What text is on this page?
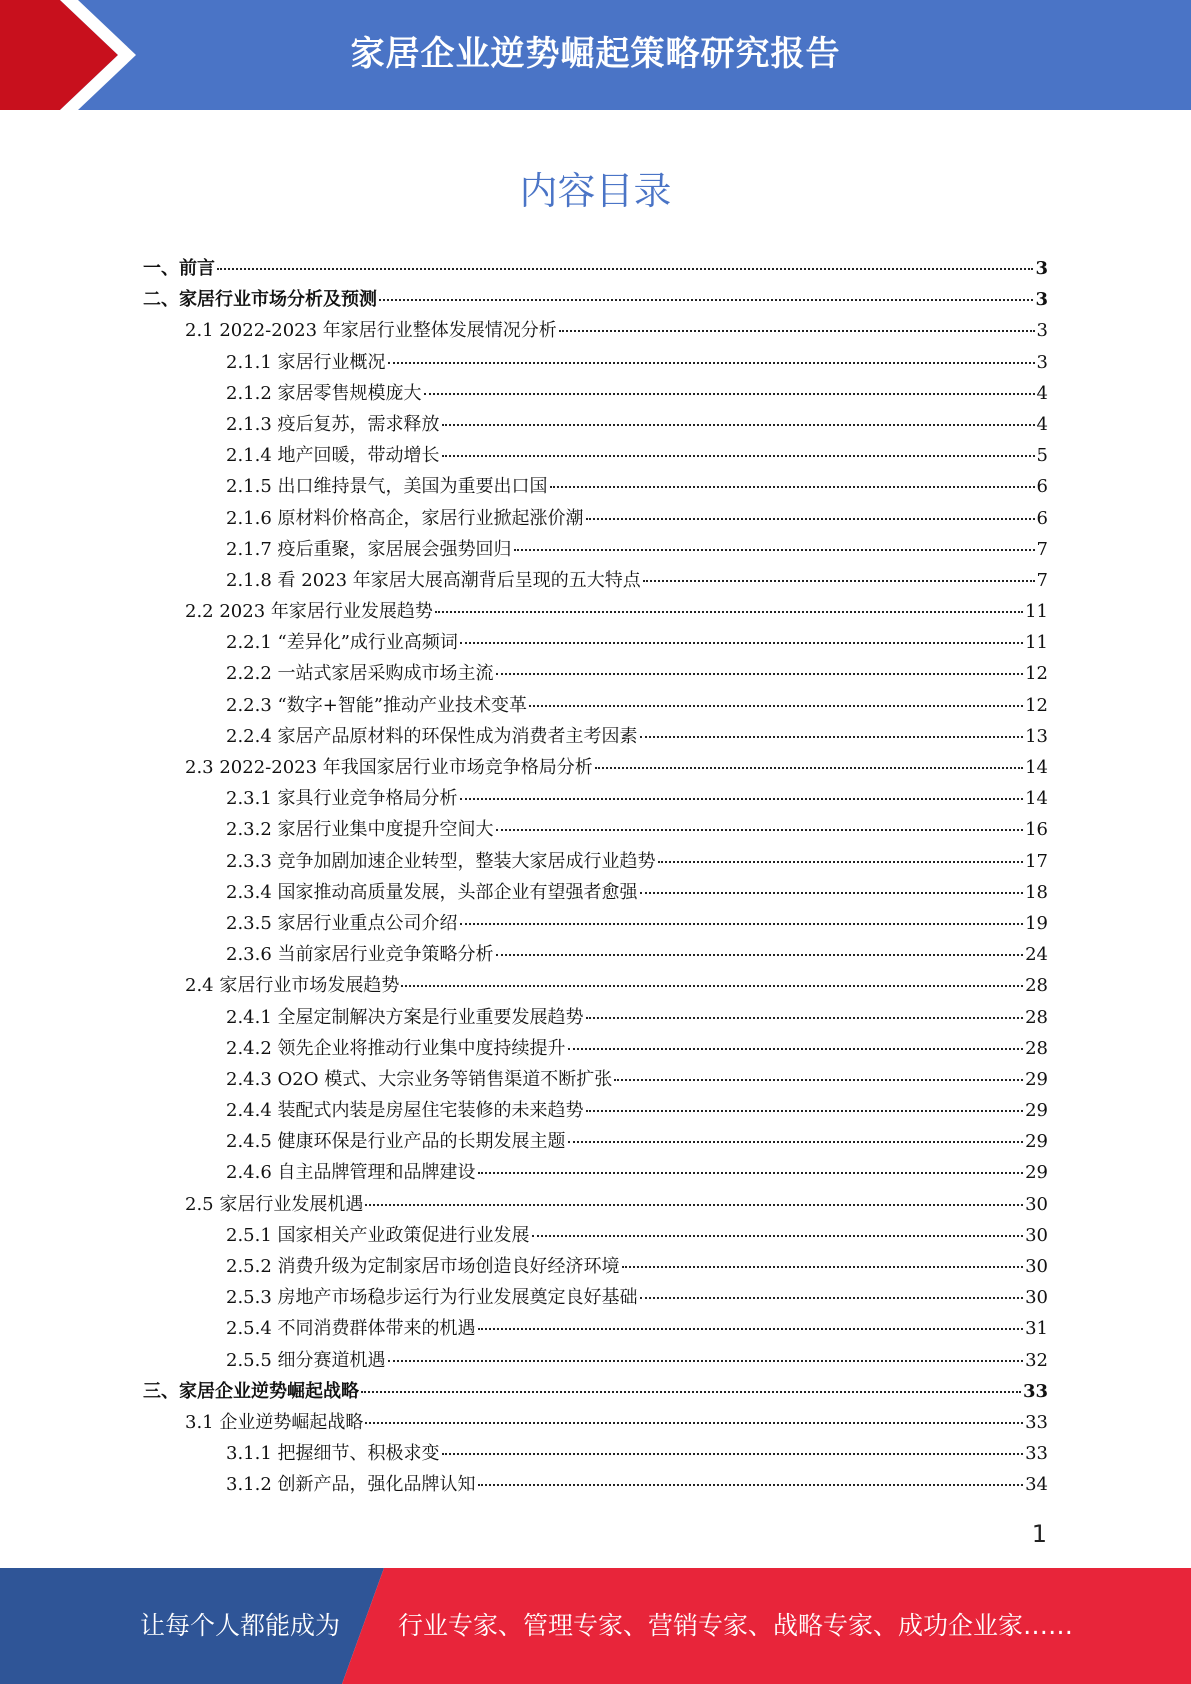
家居企业逆势崛起策略研究报告
内容目录
一、前言	3
二、家居行业市场分析及预测	3
2.1 2022-2023 年家居行业整体发展情况分析	3
2.1.1 家居行业概况	3
2.1.2 家居零售规模庞大	4
2.1.3 疫后复苏，需求释放	4
2.1.4 地产回暖，带动增长	5
2.1.5 出口维持景气，美国为重要出口国	6
2.1.6 原材料价格高企，家居行业掀起涨价潮	6
2.1.7 疫后重聚，家居展会强势回归	7
2.1.8 看 2023 年家居大展高潮背后呈现的五大特点	7
2.2 2023 年家居行业发展趋势	11
2.2.1 “差异化”成行业高频词	11
2.2.2 一站式家居采购成市场主流	12
2.2.3 “数字+智能”推动产业技术变革	12
2.2.4 家居产品原材料的环保性成为消费者主考因素	13
2.3 2022-2023 年我国家居行业市场竞争格局分析	14
2.3.1 家具行业竞争格局分析	14
2.3.2 家居行业集中度提升空间大	16
2.3.3 竞争加剧加速企业转型，整装大家居成行业趋势	17
2.3.4 国家推动高质量发展，头部企业有望强者愈强	18
2.3.5 家居行业重点公司介绍	19
2.3.6 当前家居行业竞争策略分析	24
2.4 家居行业市场发展趋势	28
2.4.1 全屋定制解决方案是行业重要发展趋势	28
2.4.2 领先企业将推动行业集中度持续提升	28
2.4.3 O2O 模式、大宗业务等销售渠道不断扩张	29
2.4.4 装配式内装是房屋住宅装修的未来趋势	29
2.4.5 健康环保是行业产品的长期发展主题	29
2.4.6 自主品牌管理和品牌建设	29
2.5 家居行业发展机遇	30
2.5.1 国家相关产业政策促进行业发展	30
2.5.2 消费升级为定制家居市场创造良好经济环境	30
2.5.3 房地产市场稳步运行为行业发展奠定良好基础	30
2.5.4 不同消费群体带来的机遇	31
2.5.5 细分赛道机遇	32
三、家居企业逆势崛起战略	33
3.1 企业逆势崛起战略	33
3.1.1 把握细节、积极求变	33
3.1.2 创新产品，强化品牌认知	34
1
让每个人都能成为 行业专家、管理专家、营销专家、战略专家、成功企业家……
